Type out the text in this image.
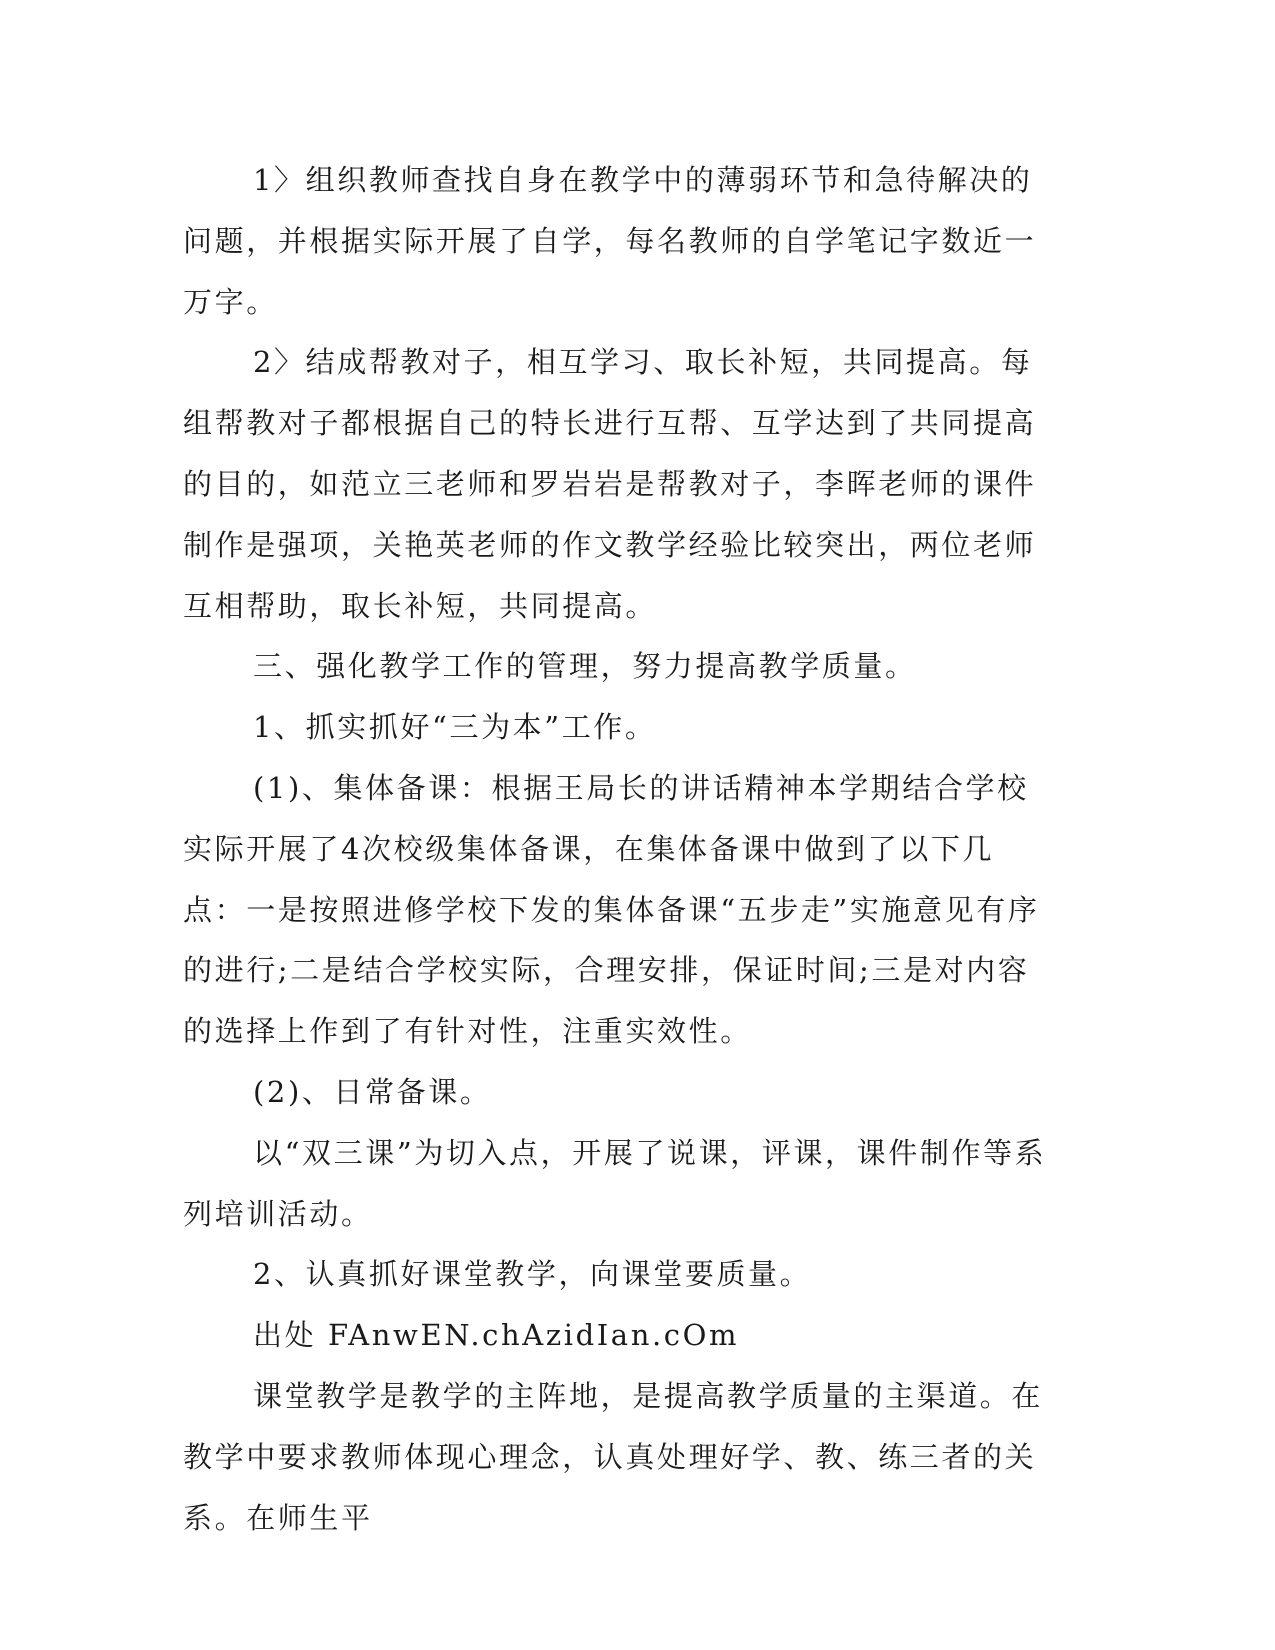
1〉组织教师查找自身在教学中的薄弱环节和急待解决的问题，并根据实际开展了自学，每名教师的自学笔记字数近一万字。

2〉结成帮教对子，相互学习、取长补短，共同提高。每组帮教对子都根据自己的特长进行互帮、互学达到了共同提高的目的，如范立三老师和罗岩岩是帮教对子，李晖老师的课件制作是强项，关艳英老师的作文教学经验比较突出，两位老师互相帮助，取长补短，共同提高。

三、强化教学工作的管理，努力提高教学质量。

1、抓实抓好“三为本”工作。

(1)、集体备课：根据王局长的讲话精神本学期结合学校实际开展了4次校级集体备课，在集体备课中做到了以下几点：一是按照进修学校下发的集体备课“五步走”实施意见有序的进行;二是结合学校实际，合理安排，保证时间;三是对内容的选择上作到了有针对性，注重实效性。

(2)、日常备课。

以“双三课”为切入点，开展了说课，评课，课件制作等系列培训活动。

2、认真抓好课堂教学，向课堂要质量。

出处 FAnwEN.chAzidIan.cOm

课堂教学是教学的主阵地，是提高教学质量的主渠道。在教学中要求教师体现心理念，认真处理好学、教、练三者的关系。在师生平
